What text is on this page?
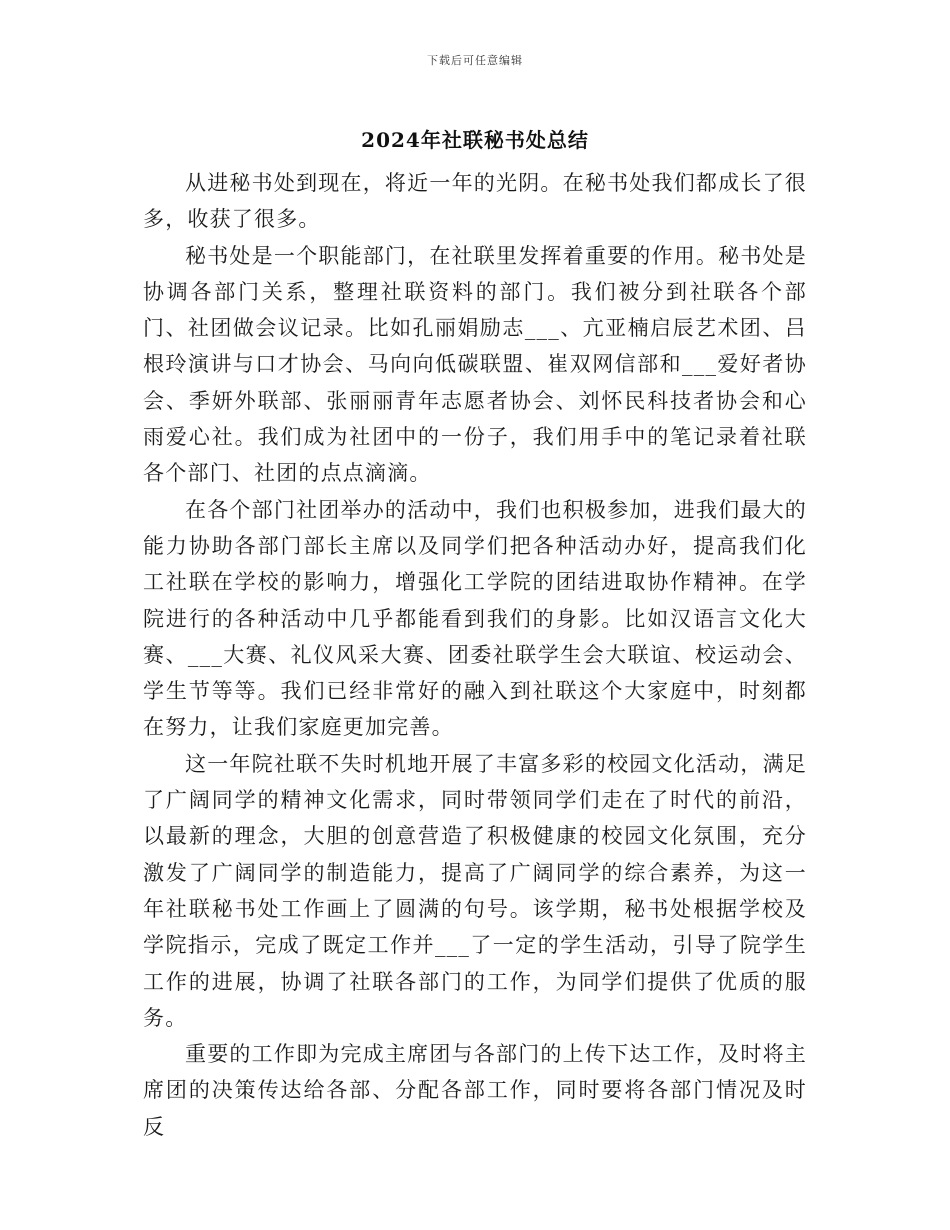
下载后可任意编辑
2024年社联秘书处总结

从进秘书处到现在，将近一年的光阴。在秘书处我们都成长了很多，收获了很多。

秘书处是一个职能部门，在社联里发挥着重要的作用。秘书处是协调各部门关系，整理社联资料的部门。我们被分到社联各个部门、社团做会议记录。比如孔丽娟励志___、亢亚楠启辰艺术团、吕根玲演讲与口才协会、马向向低碳联盟、崔双网信部和___爱好者协会、季妍外联部、张丽丽青年志愿者协会、刘怀民科技者协会和心雨爱心社。我们成为社团中的一份子，我们用手中的笔记录着社联各个部门、社团的点点滴滴。

在各个部门社团举办的活动中，我们也积极参加，进我们最大的能力协助各部门部长主席以及同学们把各种活动办好，提高我们化工社联在学校的影响力，增强化工学院的团结进取协作精神。在学院进行的各种活动中几乎都能看到我们的身影。比如汉语言文化大赛、___大赛、礼仪风采大赛、团委社联学生会大联谊、校运动会、学生节等等。我们已经非常好的融入到社联这个大家庭中，时刻都在努力，让我们家庭更加完善。

这一年院社联不失时机地开展了丰富多彩的校园文化活动，满足了广阔同学的精神文化需求，同时带领同学们走在了时代的前沿，以最新的理念，大胆的创意营造了积极健康的校园文化氛围，充分激发了广阔同学的制造能力，提高了广阔同学的综合素养，为这一年社联秘书处工作画上了圆满的句号。该学期，秘书处根据学校及学院指示，完成了既定工作并___了一定的学生活动，引导了院学生工作的进展，协调了社联各部门的工作，为同学们提供了优质的服务。

重要的工作即为完成主席团与各部门的上传下达工作，及时将主席团的决策传达给各部、分配各部工作，同时要将各部门情况及时反
